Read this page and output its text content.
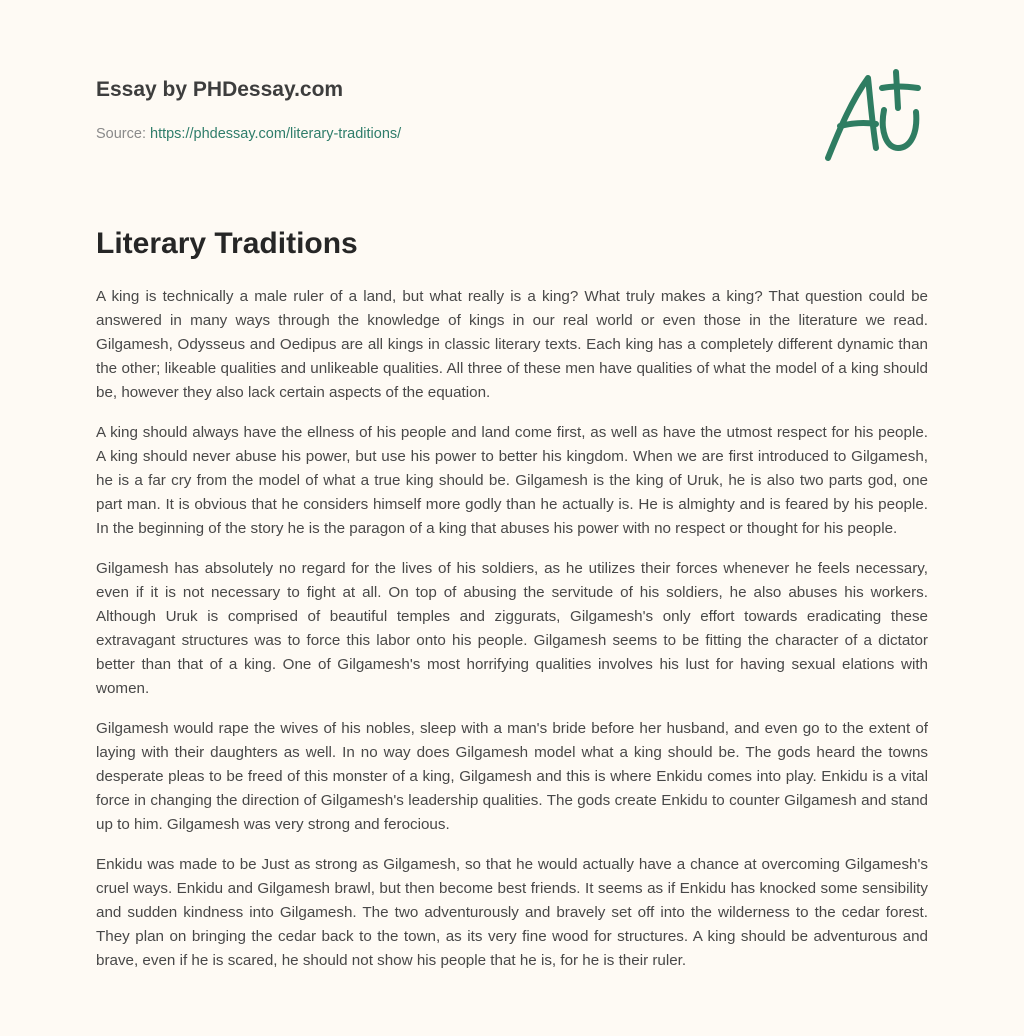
Essay by PHDessay.com
Source: https://phdessay.com/literary-traditions/
Literary Traditions

A king is technically a male ruler of a land, but what really is a king? What truly makes a king? That question could be answered in many ways through the knowledge of kings in our real world or even those in the literature we read. Gilgamesh, Odysseus and Oedipus are all kings in classic literary texts. Each king has a completely different dynamic than the other; likeable qualities and unlikeable qualities. All three of these men have qualities of what the model of a king should be, however they also lack certain aspects of the equation.

A king should always have the ellness of his people and land come first, as well as have the utmost respect for his people. A king should never abuse his power, but use his power to better his kingdom. When we are first introduced to Gilgamesh, he is a far cry from the model of what a true king should be. Gilgamesh is the king of Uruk, he is also two parts god, one part man. It is obvious that he considers himself more godly than he actually is. He is almighty and is feared by his people. In the beginning of the story he is the paragon of a king that abuses his power with no respect or thought for his people.

Gilgamesh has absolutely no regard for the lives of his soldiers, as he utilizes their forces whenever he feels necessary, even if it is not necessary to fight at all. On top of abusing the servitude of his soldiers, he also abuses his workers. Although Uruk is comprised of beautiful temples and ziggurats, Gilgamesh's only effort towards eradicating these extravagant structures was to force this labor onto his people. Gilgamesh seems to be fitting the character of a dictator better than that of a king. One of Gilgamesh's most horrifying qualities involves his lust for having sexual elations with women.

Gilgamesh would rape the wives of his nobles, sleep with a man's bride before her husband, and even go to the extent of laying with their daughters as well. In no way does Gilgamesh model what a king should be. The gods heard the towns desperate pleas to be freed of this monster of a king, Gilgamesh and this is where Enkidu comes into play. Enkidu is a vital force in changing the direction of Gilgamesh's leadership qualities. The gods create Enkidu to counter Gilgamesh and stand up to him. Gilgamesh was very strong and ferocious.

Enkidu was made to be Just as strong as Gilgamesh, so that he would actually have a chance at overcoming Gilgamesh's cruel ways. Enkidu and Gilgamesh brawl, but then become best friends. It seems as if Enkidu has knocked some sensibility and sudden kindness into Gilgamesh. The two adventurously and bravely set off into the wilderness to the cedar forest. They plan on bringing the cedar back to the town, as its very fine wood for structures. A king should be adventurous and brave, even if he is scared, he should not show his people that he is, for he is their ruler.
